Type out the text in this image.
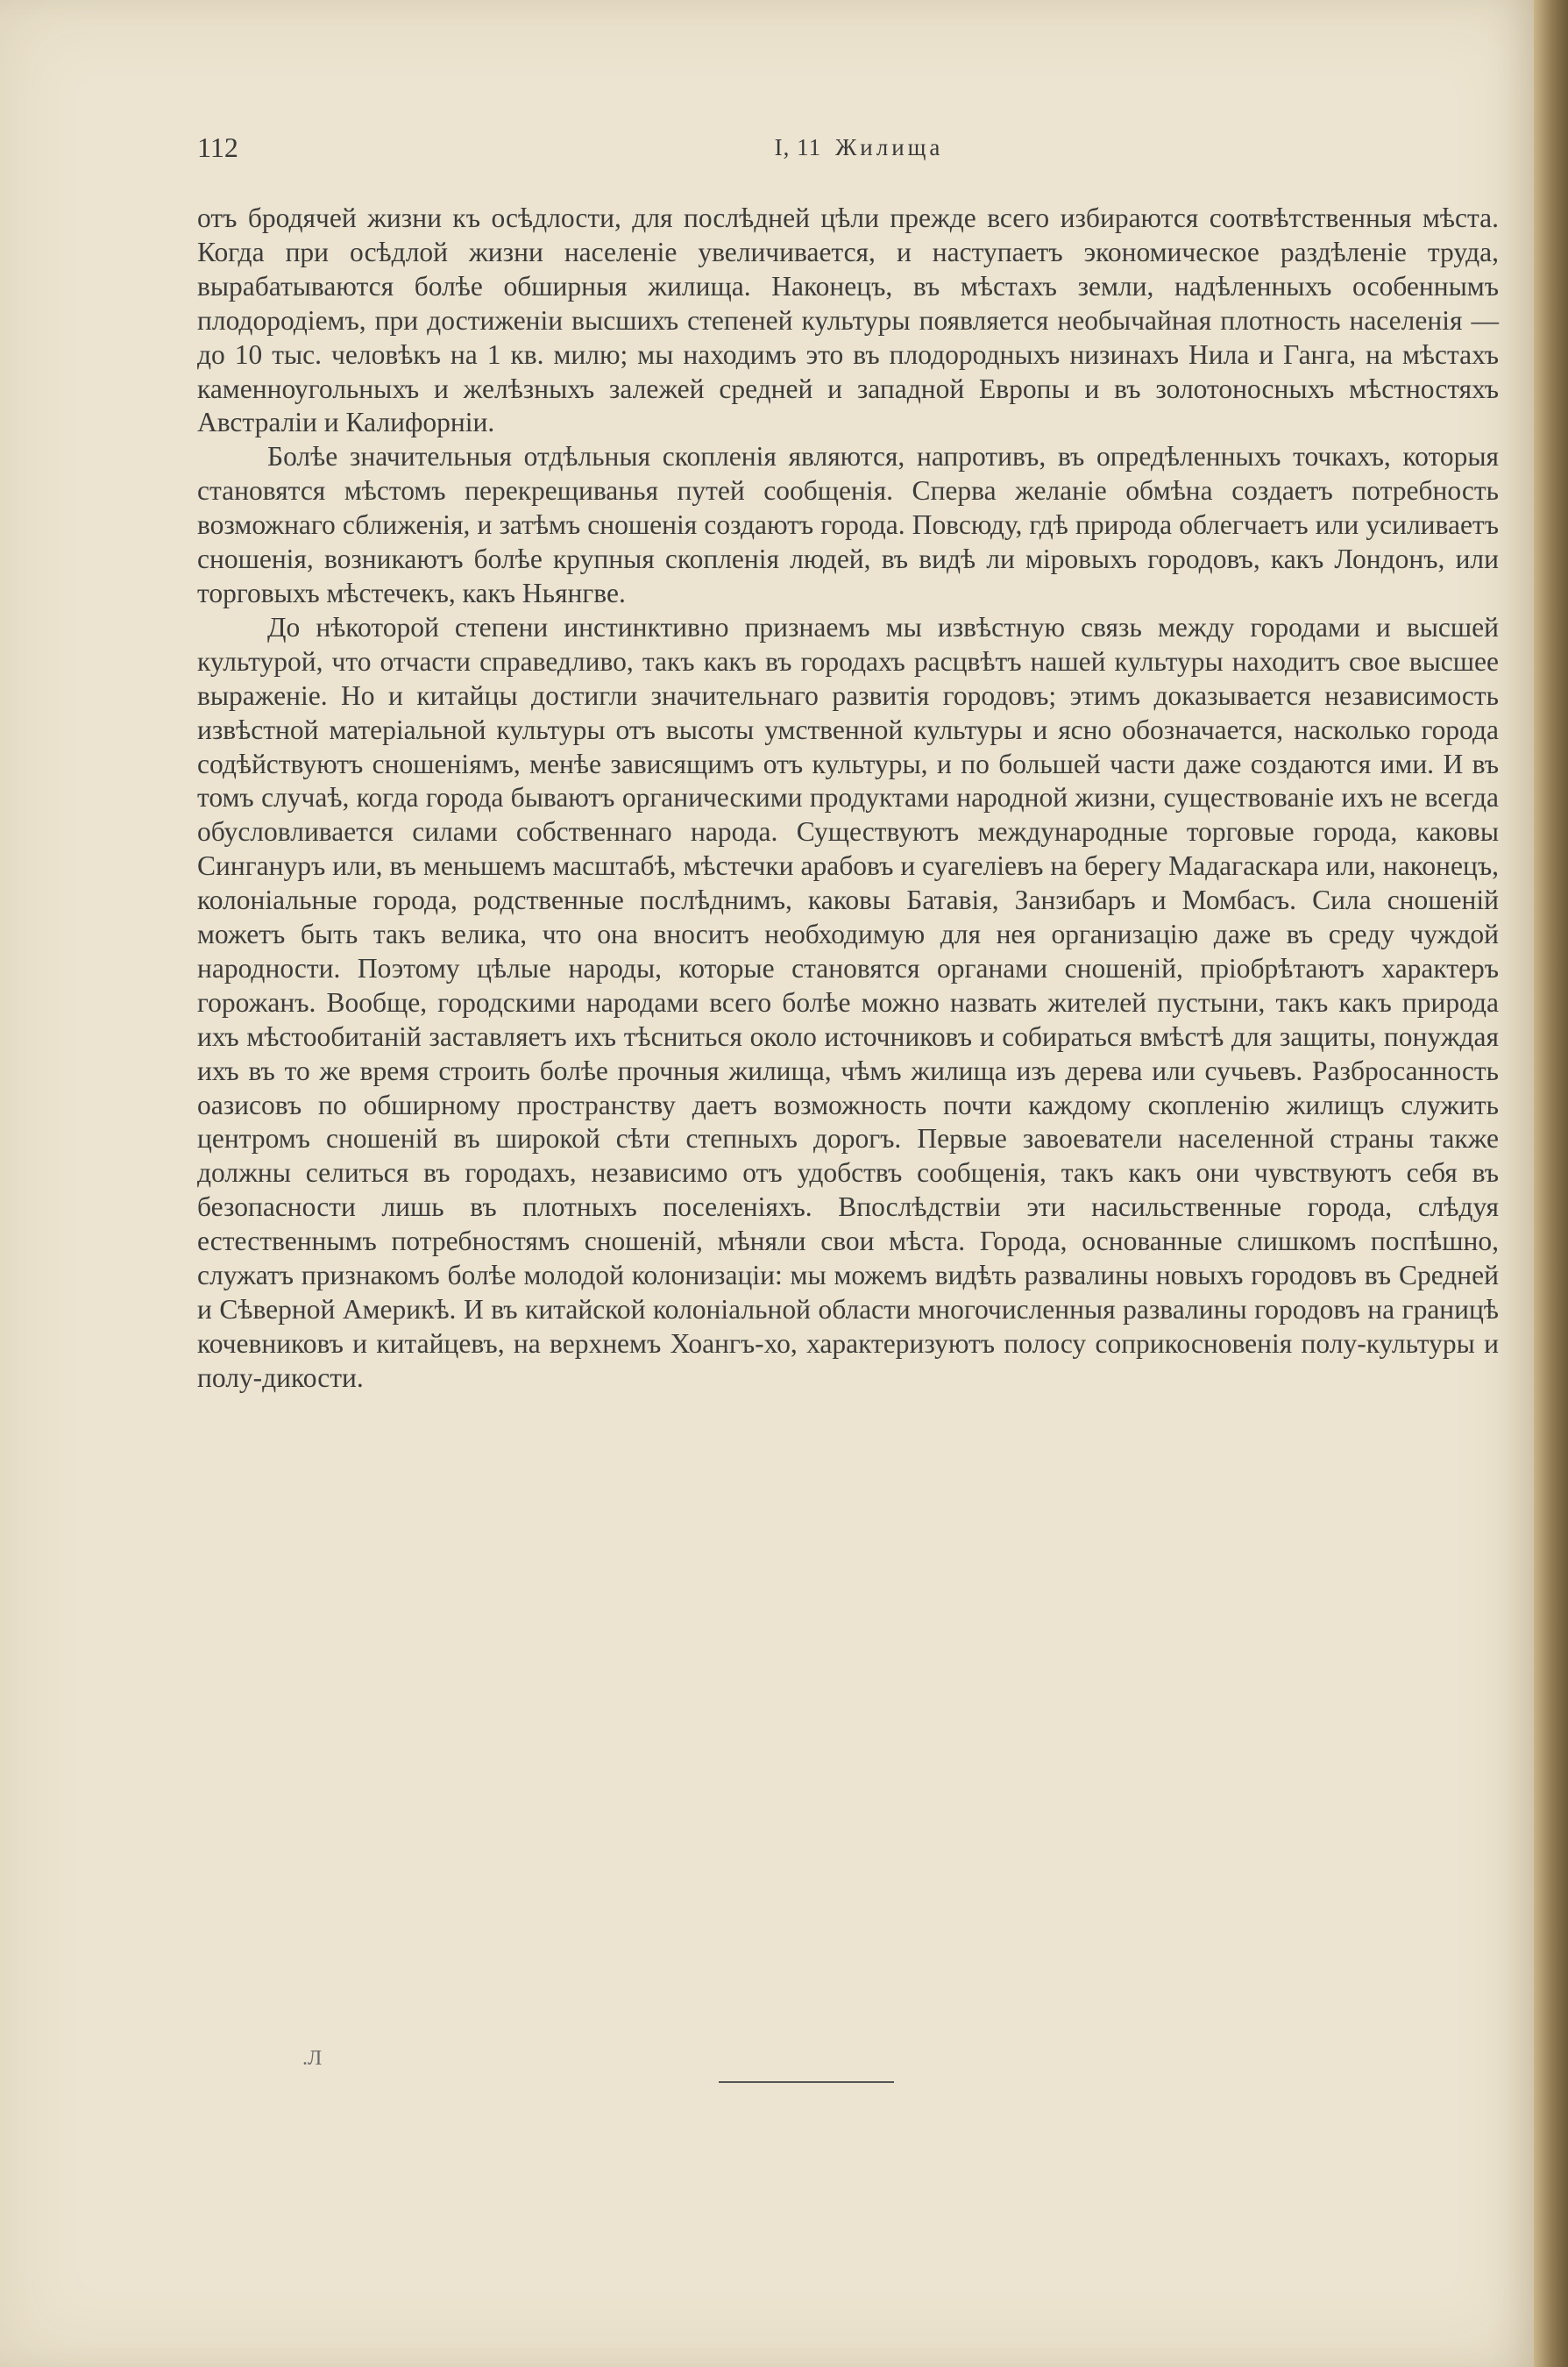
112	I, 11 Жилища

отъ бродячей жизни къ осѣдлости, для послѣдней цѣли прежде всего избираются соотвѣтственныя мѣста. Когда при осѣдлой жизни населеніе увеличивается, и наступаетъ экономическое раздѣленіе труда, вырабатываются болѣе обширныя жилища. Наконецъ, въ мѣстахъ земли, надѣленныхъ особеннымъ плодородіемъ, при достиженіи высшихъ степеней культуры появляется необычайная плотность населенія — до 10 тыс. человѣкъ на 1 кв. милю; мы находимъ это въ плодородныхъ низинахъ Нила и Ганга, на мѣстахъ каменноугольныхъ и желѣзныхъ залежей средней и западной Европы и въ золотоносныхъ мѣстностяхъ Австраліи и Калифорніи.

Болѣе значительныя отдѣльныя скопленія являются, напротивъ, въ опредѣленныхъ точкахъ, которыя становятся мѣстомъ перекрещиванья путей сообщенія. Сперва желаніе обмѣна создаетъ потребность возможнаго сближенія, и затѣмъ сношенія создаютъ города. Повсюду, гдѣ природа облегчаетъ или усиливаетъ сношенія, возникаютъ болѣе крупныя скопленія людей, въ видѣ ли міровыхъ городовъ, какъ Лондонъ, или торговыхъ мѣстечекъ, какъ Ньянгве.

До нѣкоторой степени инстинктивно признаемъ мы извѣстную связь между городами и высшей культурой, что отчасти справедливо, такъ какъ въ городахъ расцвѣтъ нашей культуры находитъ свое высшее выраженіе. Но и китайцы достигли значительнаго развитія городовъ; этимъ доказывается независимость извѣстной матеріальной культуры отъ высоты умственной культуры и ясно обозначается, насколько города содѣйствуютъ сношеніямъ, менѣе зависящимъ отъ культуры, и по большей части даже создаются ими. И въ томъ случаѣ, когда города бываютъ органическими продуктами народной жизни, существованіе ихъ не всегда обусловливается силами собственнаго народа. Существуютъ международные торговые города, каковы Сингануръ или, въ меньшемъ масштабѣ, мѣстечки арабовъ и суагеліевъ на берегу Мадагаскара или, наконецъ, колоніальные города, родственные послѣднимъ, каковы Батавія, Занзибаръ и Момбасъ. Сила сношеній можетъ быть такъ велика, что она вноситъ необходимую для нея организацію даже въ среду чуждой народности. Поэтому цѣлые народы, которые становятся органами сношеній, пріобрѣтаютъ характеръ горожанъ. Вообще, городскими народами всего болѣе можно назвать жителей пустыни, такъ какъ природа ихъ мѣстообитаній заставляетъ ихъ тѣсниться около источниковъ и собираться вмѣстѣ для защиты, понуждая ихъ въ то же время строить болѣе прочныя жилища, чѣмъ жилища изъ дерева или сучьевъ. Разбросанность оазисовъ по обширному пространству даетъ возможность почти каждому скопленію жилищъ служить центромъ сношеній въ широкой сѣти степныхъ дорогъ. Первые завоеватели населенной страны также должны селиться въ городахъ, независимо отъ удобствъ сообщенія, такъ какъ они чувствуютъ себя въ безопасности лишь въ плотныхъ поселеніяхъ. Впослѣдствіи эти насильственные города, слѣдуя естественнымъ потребностямъ сношеній, мѣняли свои мѣста. Города, основанные слишкомъ поспѣшно, служатъ признакомъ болѣе молодой колонизаціи: мы можемъ видѣть развалины новыхъ городовъ въ Средней и Сѣверной Америкѣ. И въ китайской колоніальной области многочисленныя развалины городовъ на границѣ кочевниковъ и китайцевъ, на верхнемъ Хоангъ-хо, характеризуютъ полосу соприкосновенія полу-культуры и полу-дикости.

.Л
